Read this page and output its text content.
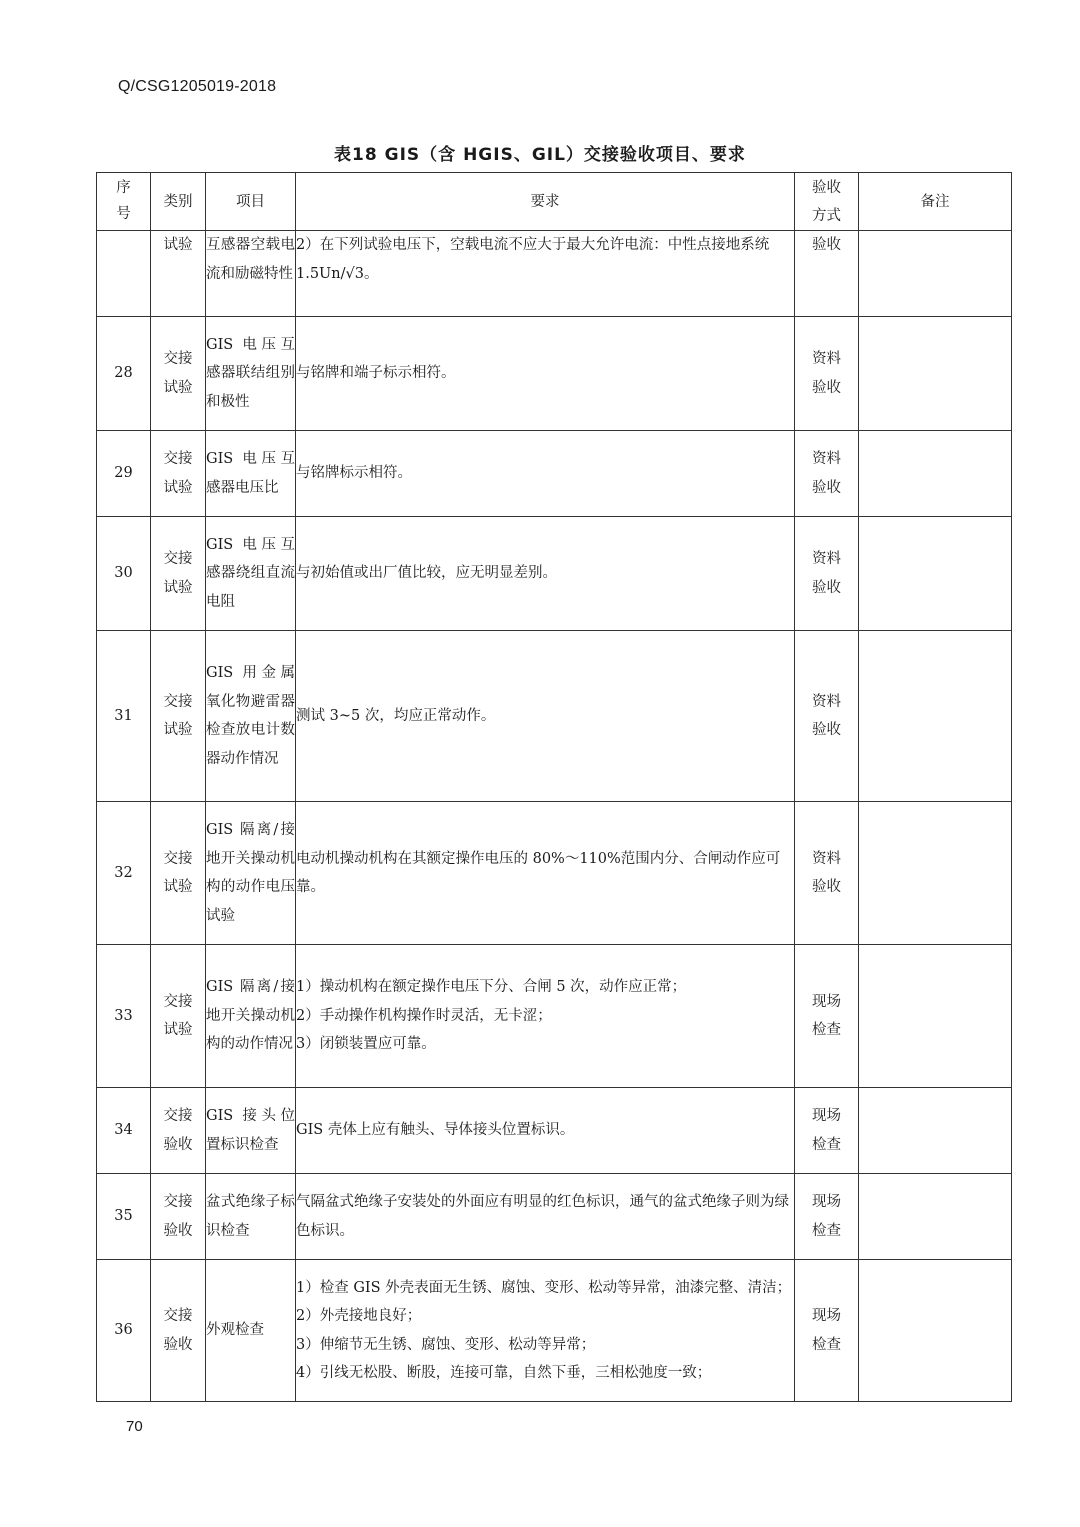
Q/CSG1205019-2018
表18 GIS（含 HGIS、GIL）交接验收项目、要求
序号	类别	项目	要求	验收方式	备注
	试验	互感器空载电流和励磁特性	2）在下列试验电压下，空载电流不应大于最大允许电流：中性点接地系统 1.5Un/√3。	验收	
28	交接试验	GIS 电压互感器联结组别和极性	与铭牌和端子标示相符。	资料验收	
29	交接试验	GIS 电压互感器电压比	与铭牌标示相符。	资料验收	
30	交接试验	GIS 电压互感器绕组直流电阻	与初始值或出厂值比较，应无明显差别。	资料验收	
31	交接试验	GIS 用金属氧化物避雷器检查放电计数器动作情况	测试 3~5 次，均应正常动作。	资料验收	
32	交接试验	GIS 隔离/接地开关操动机构的动作电压试验	电动机操动机构在其额定操作电压的 80%～110%范围内分、合闸动作应可靠。	资料验收	
33	交接试验	GIS 隔离/接地开关操动机构的动作情况	1）操动机构在额定操作电压下分、合闸 5 次，动作应正常；
2）手动操作机构操作时灵活，无卡涩；
3）闭锁装置应可靠。	现场检查	
34	交接验收	GIS 接头位置标识检查	GIS 壳体上应有触头、导体接头位置标识。	现场检查	
35	交接验收	盆式绝缘子标识检查	气隔盆式绝缘子安装处的外面应有明显的红色标识，通气的盆式绝缘子则为绿色标识。	现场检查	
36	交接验收	外观检查	1）检查 GIS 外壳表面无生锈、腐蚀、变形、松动等异常，油漆完整、清洁；
2）外壳接地良好；
3）伸缩节无生锈、腐蚀、变形、松动等异常；
4）引线无松股、断股，连接可靠，自然下垂，三相松弛度一致；	现场检查	
70
